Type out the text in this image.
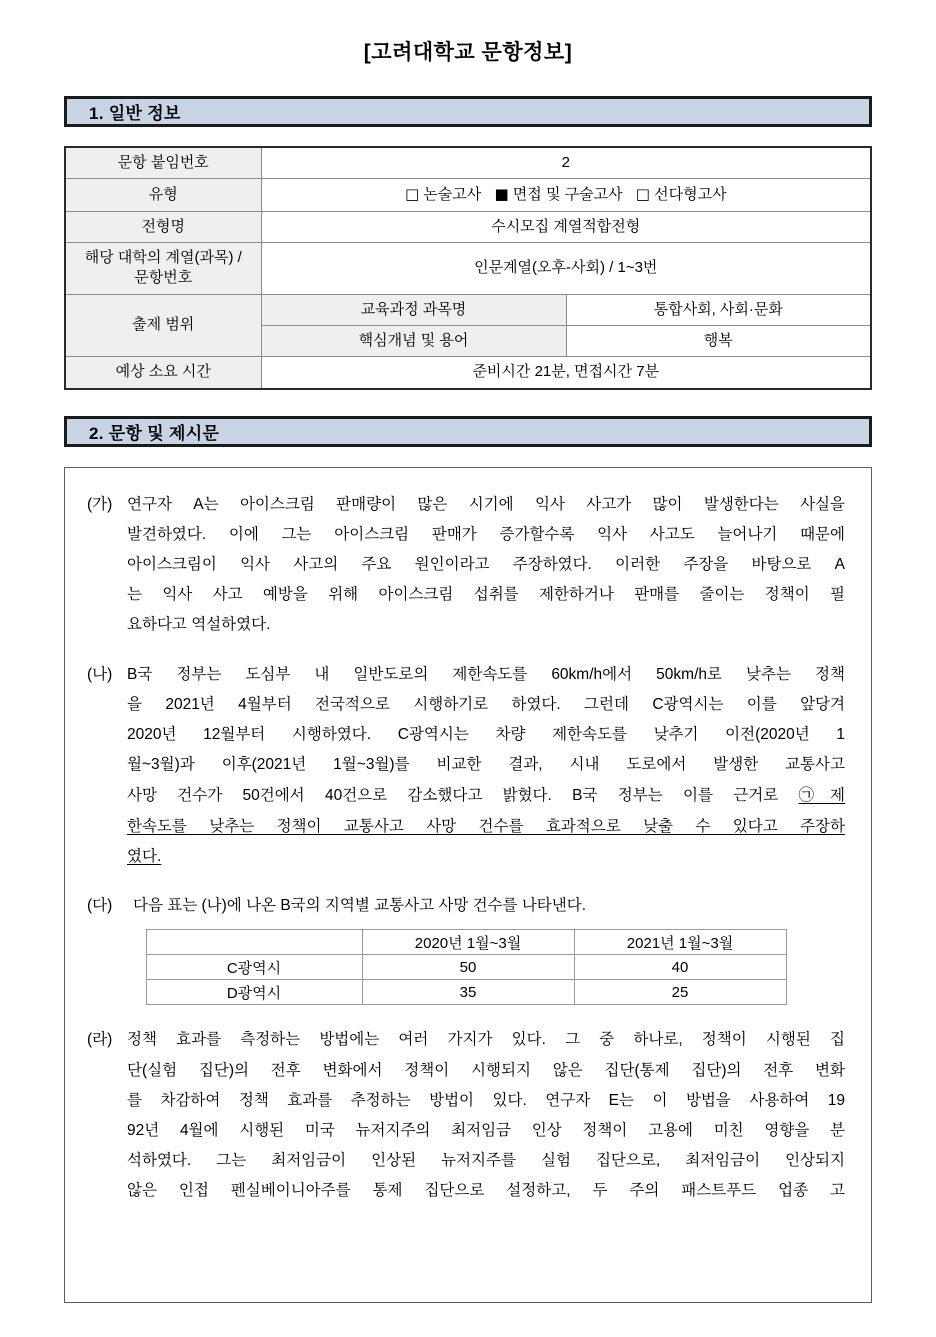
[고려대학교 문항정보]
1. 일반 정보
문항 붙임번호	2	
유형	□ 논술고사 ■ 면접 및 구술고사 □ 선다형고사	
전형명	수시모집 계열적합전형	

해당 대학의 계열(과목) /
문항번호	인문계열(오후-사회) / 1~3번	
출제 범위	교육과정 과목명	통합사회, 사회·문화
	핵심개념 및 용어	행복
예상 소요 시간	준비시간 21분, 면접시간 7분	
2. 문항 및 제시문
(가) 연구자 A는 아이스크림 판매량이 많은 시기에 익사 사고가 많이 발생한다는 사실을
발견하였다. 이에 그는 아이스크림 판매가 증가할수록 익사 사고도 늘어나기 때문에
아이스크림이 익사 사고의 주요 원인이라고 주장하였다. 이러한 주장을 바탕으로 A
는 익사 사고 예방을 위해 아이스크림 섭취를 제한하거나 판매를 줄이는 정책이 필
요하다고 역설하였다.
(나) B국 정부는 도심부 내 일반도로의 제한속도를 60km/h에서 50km/h로 낮추는 정책
을 2021년 4월부터 전국적으로 시행하기로 하였다. 그런데 C광역시는 이를 앞당겨
2020년 12월부터 시행하였다. C광역시는 차량 제한속도를 낮추기 이전(2020년 1
월~3월)과 이후(2021년 1월~3월)를 비교한 결과, 시내 도로에서 발생한 교통사고
사망 건수가 50건에서 40건으로 감소했다고 밝혔다. B국 정부는 이를 근거로 ㉠제
한속도를 낮추는 정책이 교통사고 사망 건수를 효과적으로 낮출 수 있다고 주장하
였다.
(다)	다음 표는 (나)에 나온 B국의 지역별 교통사고 사망 건수를 나타낸다.
	2020년 1월~3월	2021년 1월~3월
C광역시	50	40
D광역시	35	25
(라) 정책 효과를 측정하는 방법에는 여러 가지가 있다. 그 중 하나로, 정책이 시행된 집
단(실험 집단)의 전후 변화에서 정책이 시행되지 않은 집단(통제 집단)의 전후 변화
를 차감하여 정책 효과를 추정하는 방법이 있다. 연구자 E는 이 방법을 사용하여 19
92년 4월에 시행된 미국 뉴저지주의 최저임금 인상 정책이 고용에 미친 영향을 분
석하였다. 그는 최저임금이 인상된 뉴저지주를 실험 집단으로, 최저임금이 인상되지
않은 인접 펜실베이니아주를 통제 집단으로 설정하고, 두 주의 패스트푸드 업종 고
